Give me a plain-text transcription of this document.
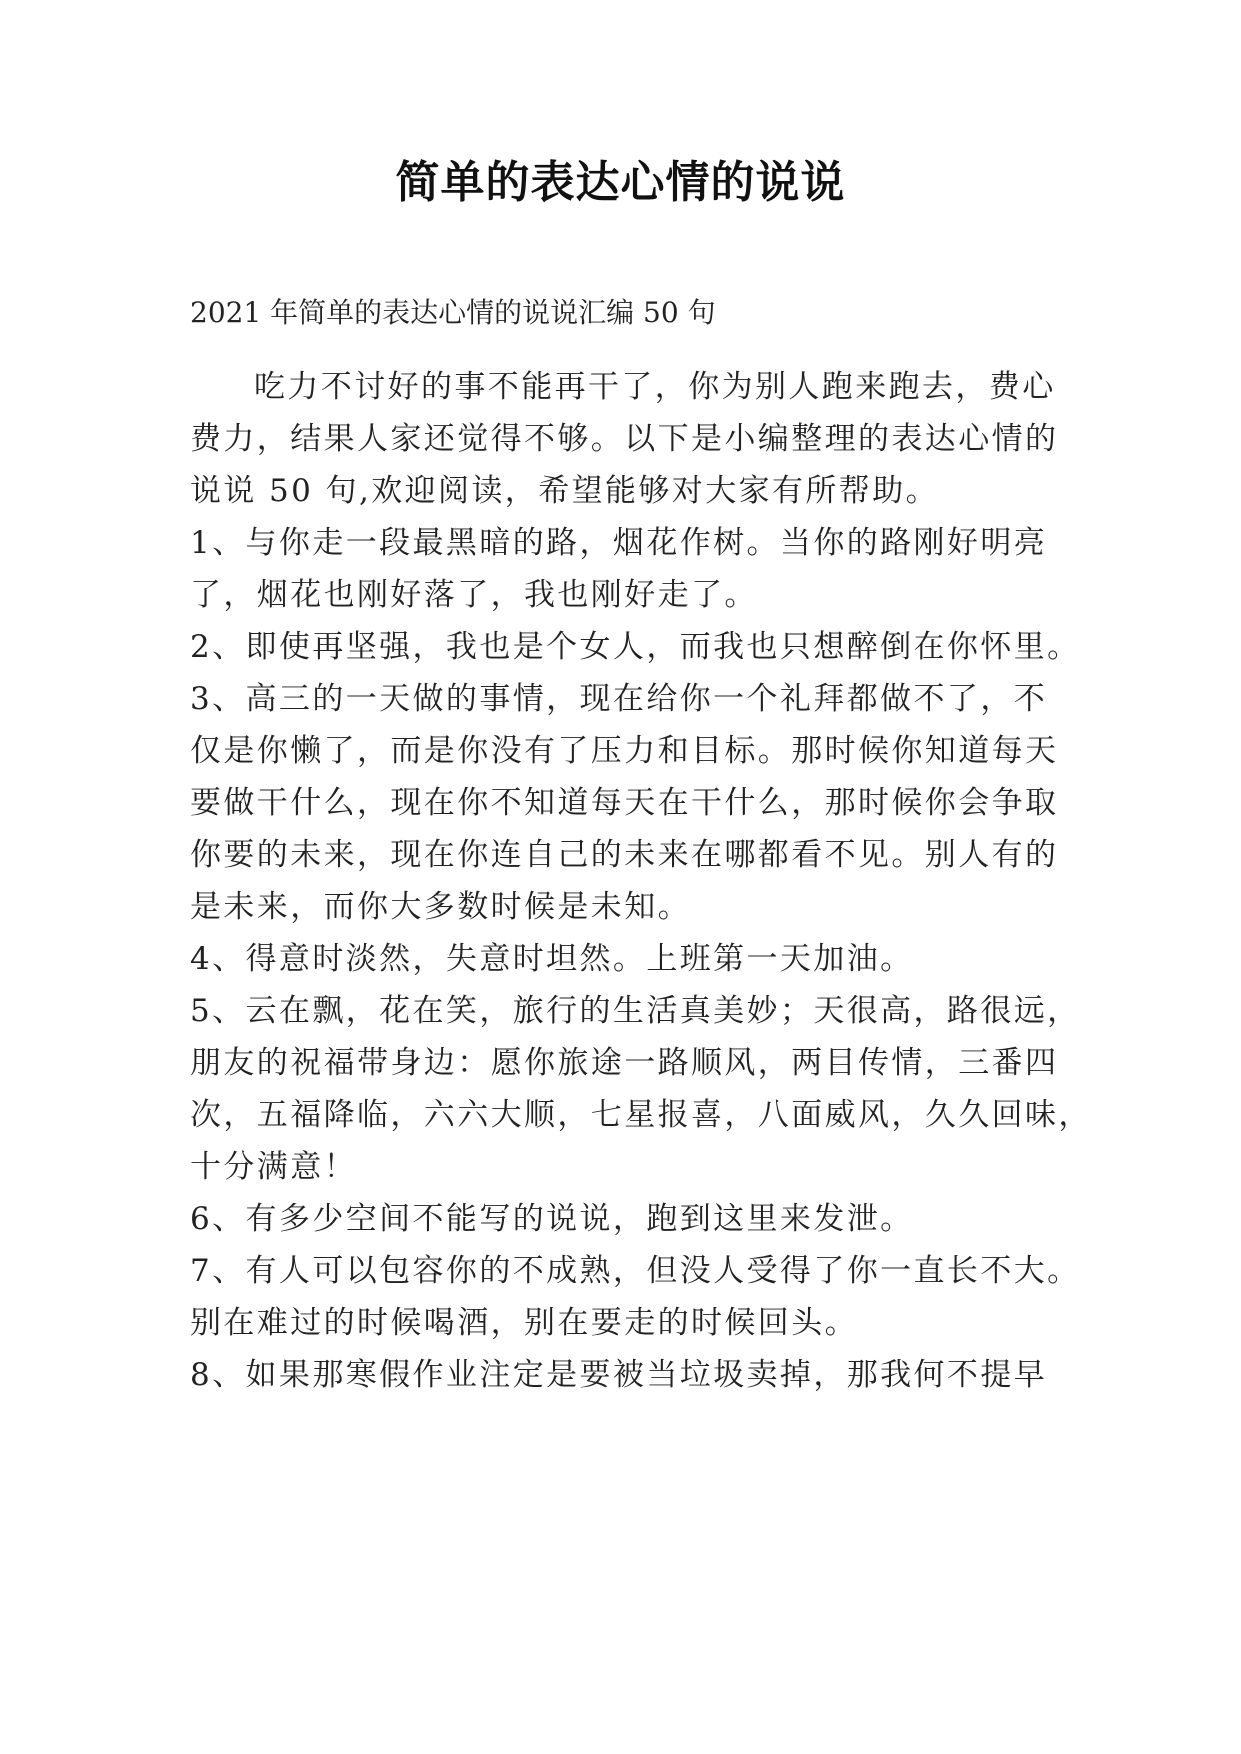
简单的表达心情的说说
2021 年简单的表达心情的说说汇编 50 句
吃力不讨好的事不能再干了，你为别人跑来跑去，费心
费力，结果人家还觉得不够。以下是小编整理的表达心情的
说说 50 句,欢迎阅读，希望能够对大家有所帮助。
1、与你走一段最黑暗的路，烟花作树。当你的路刚好明亮
了，烟花也刚好落了，我也刚好走了。
2、即使再坚强，我也是个女人，而我也只想醉倒在你怀里。
3、高三的一天做的事情，现在给你一个礼拜都做不了，不
仅是你懒了，而是你没有了压力和目标。那时候你知道每天
要做干什么，现在你不知道每天在干什么，那时候你会争取
你要的未来，现在你连自己的未来在哪都看不见。别人有的
是未来，而你大多数时候是未知。
4、得意时淡然，失意时坦然。上班第一天加油。
5、云在飘，花在笑，旅行的生活真美妙；天很高，路很远，
朋友的祝福带身边：愿你旅途一路顺风，两目传情，三番四
次，五福降临，六六大顺，七星报喜，八面威风，久久回味，
十分满意！
6、有多少空间不能写的说说，跑到这里来发泄。
7、有人可以包容你的不成熟，但没人受得了你一直长不大。
别在难过的时候喝酒，别在要走的时候回头。
8、如果那寒假作业注定是要被当垃圾卖掉，那我何不提早
